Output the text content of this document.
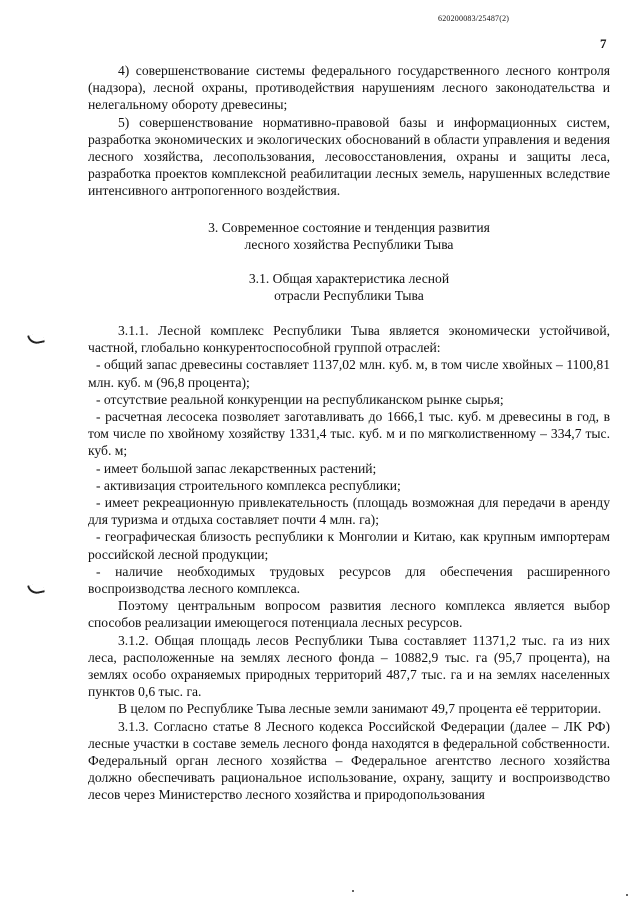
620200083/25487(2)
7

4) совершенствование системы федерального государственного лесного контроля (надзора), лесной охраны, противодействия нарушениям лесного законодательства и нелегальному обороту древесины;

5) совершенствование нормативно-правовой базы и информационных систем, разработка экономических и экологических обоснований в области управления и ведения лесного хозяйства, лесопользования, лесовосстановления, охраны и защиты леса, разработка проектов комплексной реабилитации лесных земель, нарушенных вследствие интенсивного антропогенного воздействия.

3. Современное состояние и тенденция развития
лесного хозяйства Республики Тыва
3.1. Общая характеристика лесной
отрасли Республики Тыва

3.1.1. Лесной комплекс Республики Тыва является экономически устойчивой, частной, глобально конкурентоспособной группой отраслей:

- общий запас древесины составляет 1137,02 млн. куб. м, в том числе хвойных – 1100,81 млн. куб. м (96,8 процента);

- отсутствие реальной конкуренции на республиканском рынке сырья;

- расчетная лесосека позволяет заготавливать до 1666,1 тыс. куб. м древесины в год, в том числе по хвойному хозяйству 1331,4 тыс. куб. м и по мягколиственному – 334,7 тыс. куб. м;

- имеет большой запас лекарственных растений;

- активизация строительного комплекса республики;

- имеет рекреационную привлекательность (площадь возможная для передачи в аренду для туризма и отдыха составляет почти 4 млн. га);

- географическая близость республики к Монголии и Китаю, как крупным импортерам российской лесной продукции;

- наличие необходимых трудовых ресурсов для обеспечения расширенного воспроизводства лесного комплекса.

Поэтому центральным вопросом развития лесного комплекса является выбор способов реализации имеющегося потенциала лесных ресурсов.

3.1.2. Общая площадь лесов Республики Тыва составляет 11371,2 тыс. га из них леса, расположенные на землях лесного фонда – 10882,9 тыс. га (95,7 процента), на землях особо охраняемых природных территорий 487,7 тыс. га и на землях населенных пунктов 0,6 тыс. га.

В целом по Республике Тыва лесные земли занимают 49,7 процента её территории.

3.1.3. Согласно статье 8 Лесного кодекса Российской Федерации (далее – ЛК РФ) лесные участки в составе земель лесного фонда находятся в федеральной собственности. Федеральный орган лесного хозяйства – Федеральное агентство лесного хозяйства должно обеспечивать рациональное использование, охрану, защиту и воспроизводство лесов через Министерство лесного хозяйства и природопользования
